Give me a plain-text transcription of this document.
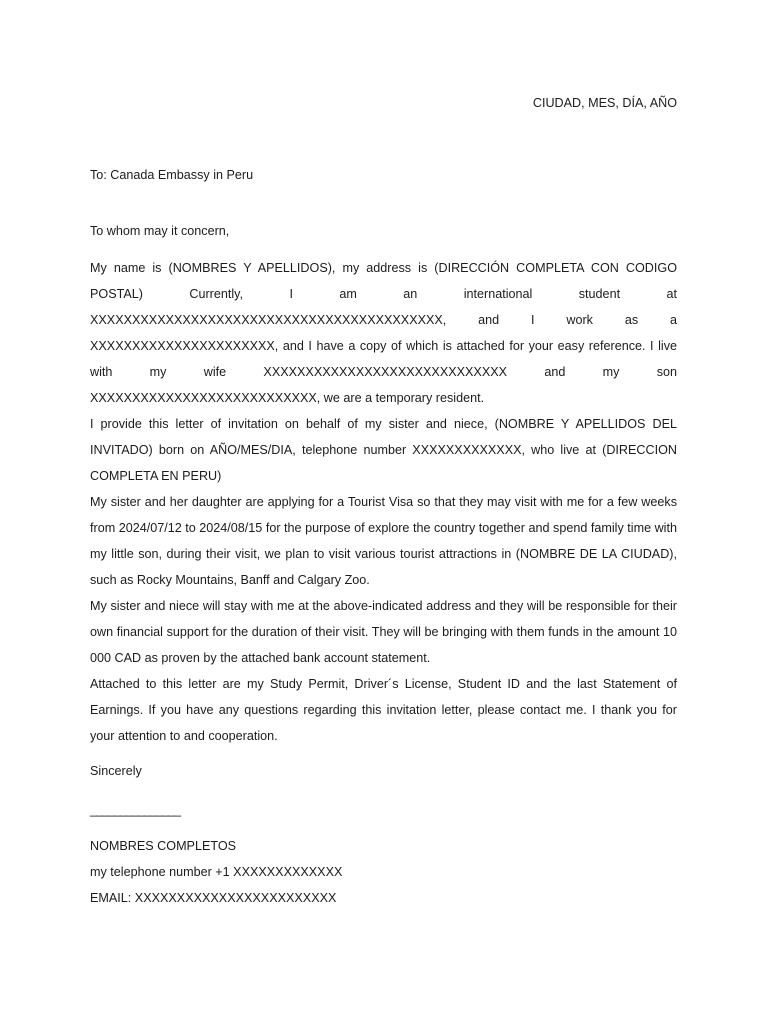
CIUDAD, MES, DÍA, AÑO
To: Canada Embassy in Peru
To whom may it concern,

My name is (NOMBRES Y APELLIDOS), my address is (DIRECCIÓN COMPLETA CON CODIGO POSTAL) Currently, I am an international student at XXXXXXXXXXXXXXXXXXXXXXXXXXXXXXXXXXXXXXXXXX, and I work as a XXXXXXXXXXXXXXXXXXXXXX, and I have a copy of which is attached for your easy reference. I live with my wife XXXXXXXXXXXXXXXXXXXXXXXXXXXXX and my son XXXXXXXXXXXXXXXXXXXXXXXXXXX, we are a temporary resident.

I provide this letter of invitation on behalf of my sister and niece, (NOMBRE Y APELLIDOS DEL INVITADO) born on AÑO/MES/DIA, telephone number XXXXXXXXXXXXX, who live at (DIRECCION COMPLETA EN PERU)

My sister and her daughter are applying for a Tourist Visa so that they may visit with me for a few weeks from 2024/07/12 to 2024/08/15 for the purpose of explore the country together and spend family time with my little son, during their visit, we plan to visit various tourist attractions in (NOMBRE DE LA CIUDAD), such as Rocky Mountains, Banff and Calgary Zoo.

My sister and niece will stay with me at the above-indicated address and they will be responsible for their own financial support for the duration of their visit. They will be bringing with them funds in the amount 10 000 CAD as proven by the attached bank account statement.

Attached to this letter are my Study Permit, Driver´s License, Student ID and the last Statement of Earnings. If you have any questions regarding this invitation letter, please contact me. I thank you for your attention to and cooperation.

Sincerely
_______________
NOMBRES COMPLETOS
my telephone number +1 XXXXXXXXXXXXX
EMAIL: XXXXXXXXXXXXXXXXXXXXXXXX
